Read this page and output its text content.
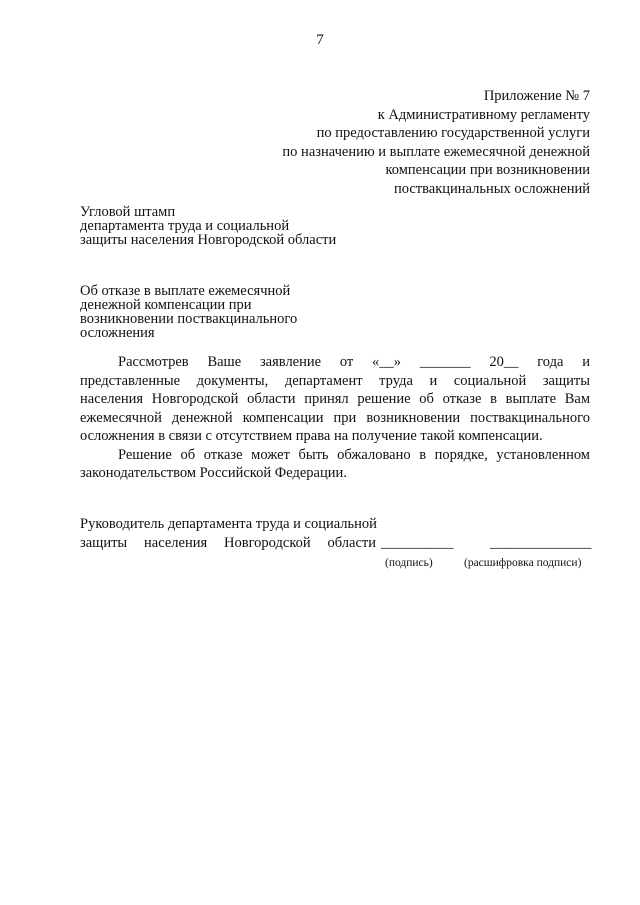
7
Приложение № 7
к Административному регламенту
по предоставлению государственной услуги
по назначению и выплате ежемесячной денежной
компенсации при возникновении
поствакцинальных осложнений
Угловой штамп
департамента труда и социальной
защиты населения Новгородской области
Об отказе в выплате ежемесячной
денежной компенсации при
возникновении поствакцинального
осложнения
Рассмотрев Ваше заявление от «__» _______ 20__ года и
представленные документы, департамент труда и социальной защиты
населения Новгородской области принял решение об отказе в выплате Вам
ежемесячной денежной компенсации при возникновении поствакцинального
осложнения в связи с отсутствием права на получение такой компенсации.

Решение об отказе может быть обжаловано в порядке, установленном законодательством Российской Федерации.

Руководитель департамента труда и социальной
защиты населения Новгородской области __________	______________
(подпись)	(расшифровка подписи)
